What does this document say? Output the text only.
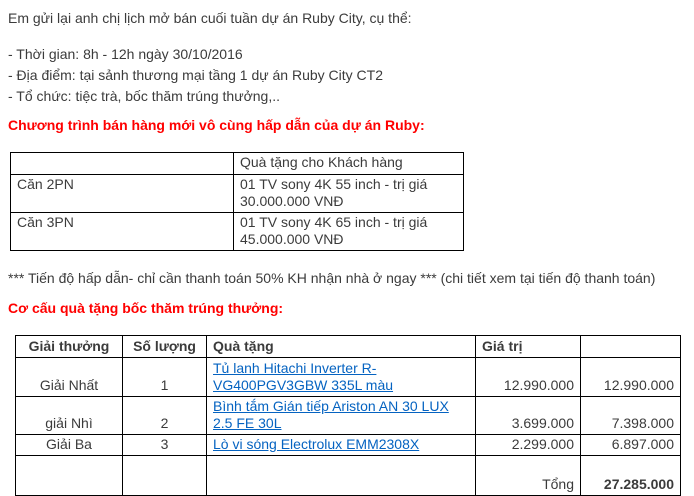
Em gửi lại anh chị lịch mở bán cuối tuần dự án Ruby City, cụ thể:

- Thời gian: 8h - 12h ngày 30/10/2016

- Địa điểm: tại sảnh thương mại tầng 1 dự án Ruby City CT2

- Tổ chức: tiệc trà, bốc thăm trúng thưởng,..

Chương trình bán hàng mới vô cùng hấp dẫn của dự án Ruby:

	Quà tặng cho Khách hàng
Căn 2PN	01 TV sony 4K 55 inch - trị giá
30.000.000 VNĐ

Căn 3PN	01 TV sony 4K 65 inch - trị giá
45.000.000 VNĐ

*** Tiến độ hấp dẫn- chỉ cần thanh toán 50% KH nhận nhà ở ngay *** (chi tiết xem tại tiến độ thanh toán)

Cơ cấu quà tặng bốc thăm trúng thưởng:

Giải thưởng	Số lượng	Quà tặng	Giá trị	
Giải Nhất	1	Tủ lanh Hitachi Inverter R-VG400PGV3GBW 335L màu	12.990.000	12.990.000
giải Nhì	2	Bình tắm Gián tiếp Ariston AN 30 LUX 2.5 FE 30L	3.699.000	7.398.000
Giải Ba	3	Lò vi sóng Electrolux EMM2308X	2.299.000	6.897.000
			Tổng	27.285.000
